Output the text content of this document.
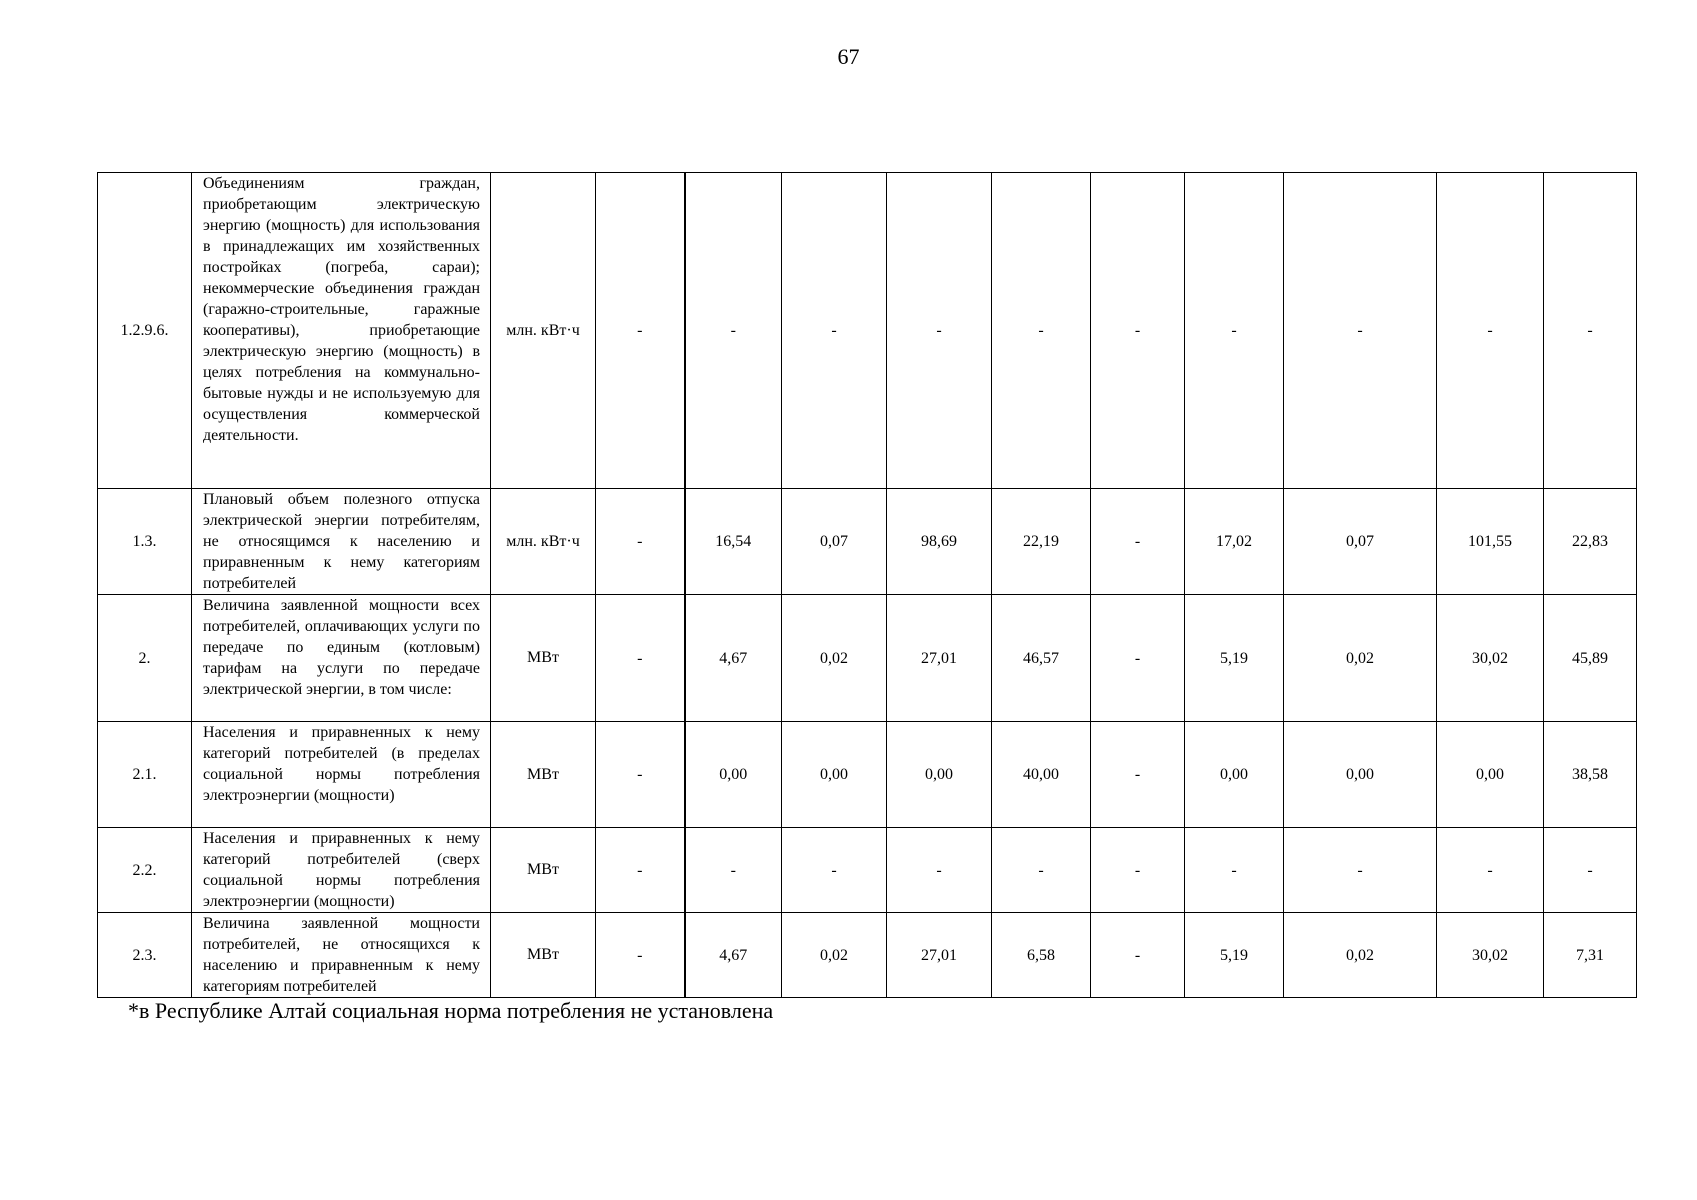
67
1.2.9.6.	Объединениям граждан, приобретающим электрическую энергию (мощность) для использования в принадлежащих им хозяйственных постройках (погреба, сараи); некоммерческие объединения граждан (гаражно-строительные, гаражные кооперативы), приобретающие электрическую энергию (мощность) в целях потребления на коммунально-бытовые нужды и не используемую для осуществления коммерческой деятельности.	млн. кВт·ч	-	-	-	-	-	-	-	-	-	-
1.3.	Плановый объем полезного отпуска электрической энергии потребителям, не относящимся к населению и приравненным к нему категориям потребителей	млн. кВт·ч	-	16,54	0,07	98,69	22,19	-	17,02	0,07	101,55	22,83
2.	Величина заявленной мощности всех потребителей, оплачивающих услуги по передаче по единым (котловым) тарифам на услуги по передаче электрической энергии, в том числе:	МВт	-	4,67	0,02	27,01	46,57	-	5,19	0,02	30,02	45,89
2.1.	Населения и приравненных к нему категорий потребителей (в пределах социальной нормы потребления электроэнергии (мощности)	МВт	-	0,00	0,00	0,00	40,00	-	0,00	0,00	0,00	38,58
2.2.	Населения и приравненных к нему категорий потребителей (сверх социальной нормы потребления электроэнергии (мощности)	МВт	-	-	-	-	-	-	-	-	-	-
2.3.	Величина заявленной мощности потребителей, не относящихся к населению и приравненным к нему категориям потребителей	МВт	-	4,67	0,02	27,01	6,58	-	5,19	0,02	30,02	7,31
*в Республике Алтай социальная норма потребления не установлена
